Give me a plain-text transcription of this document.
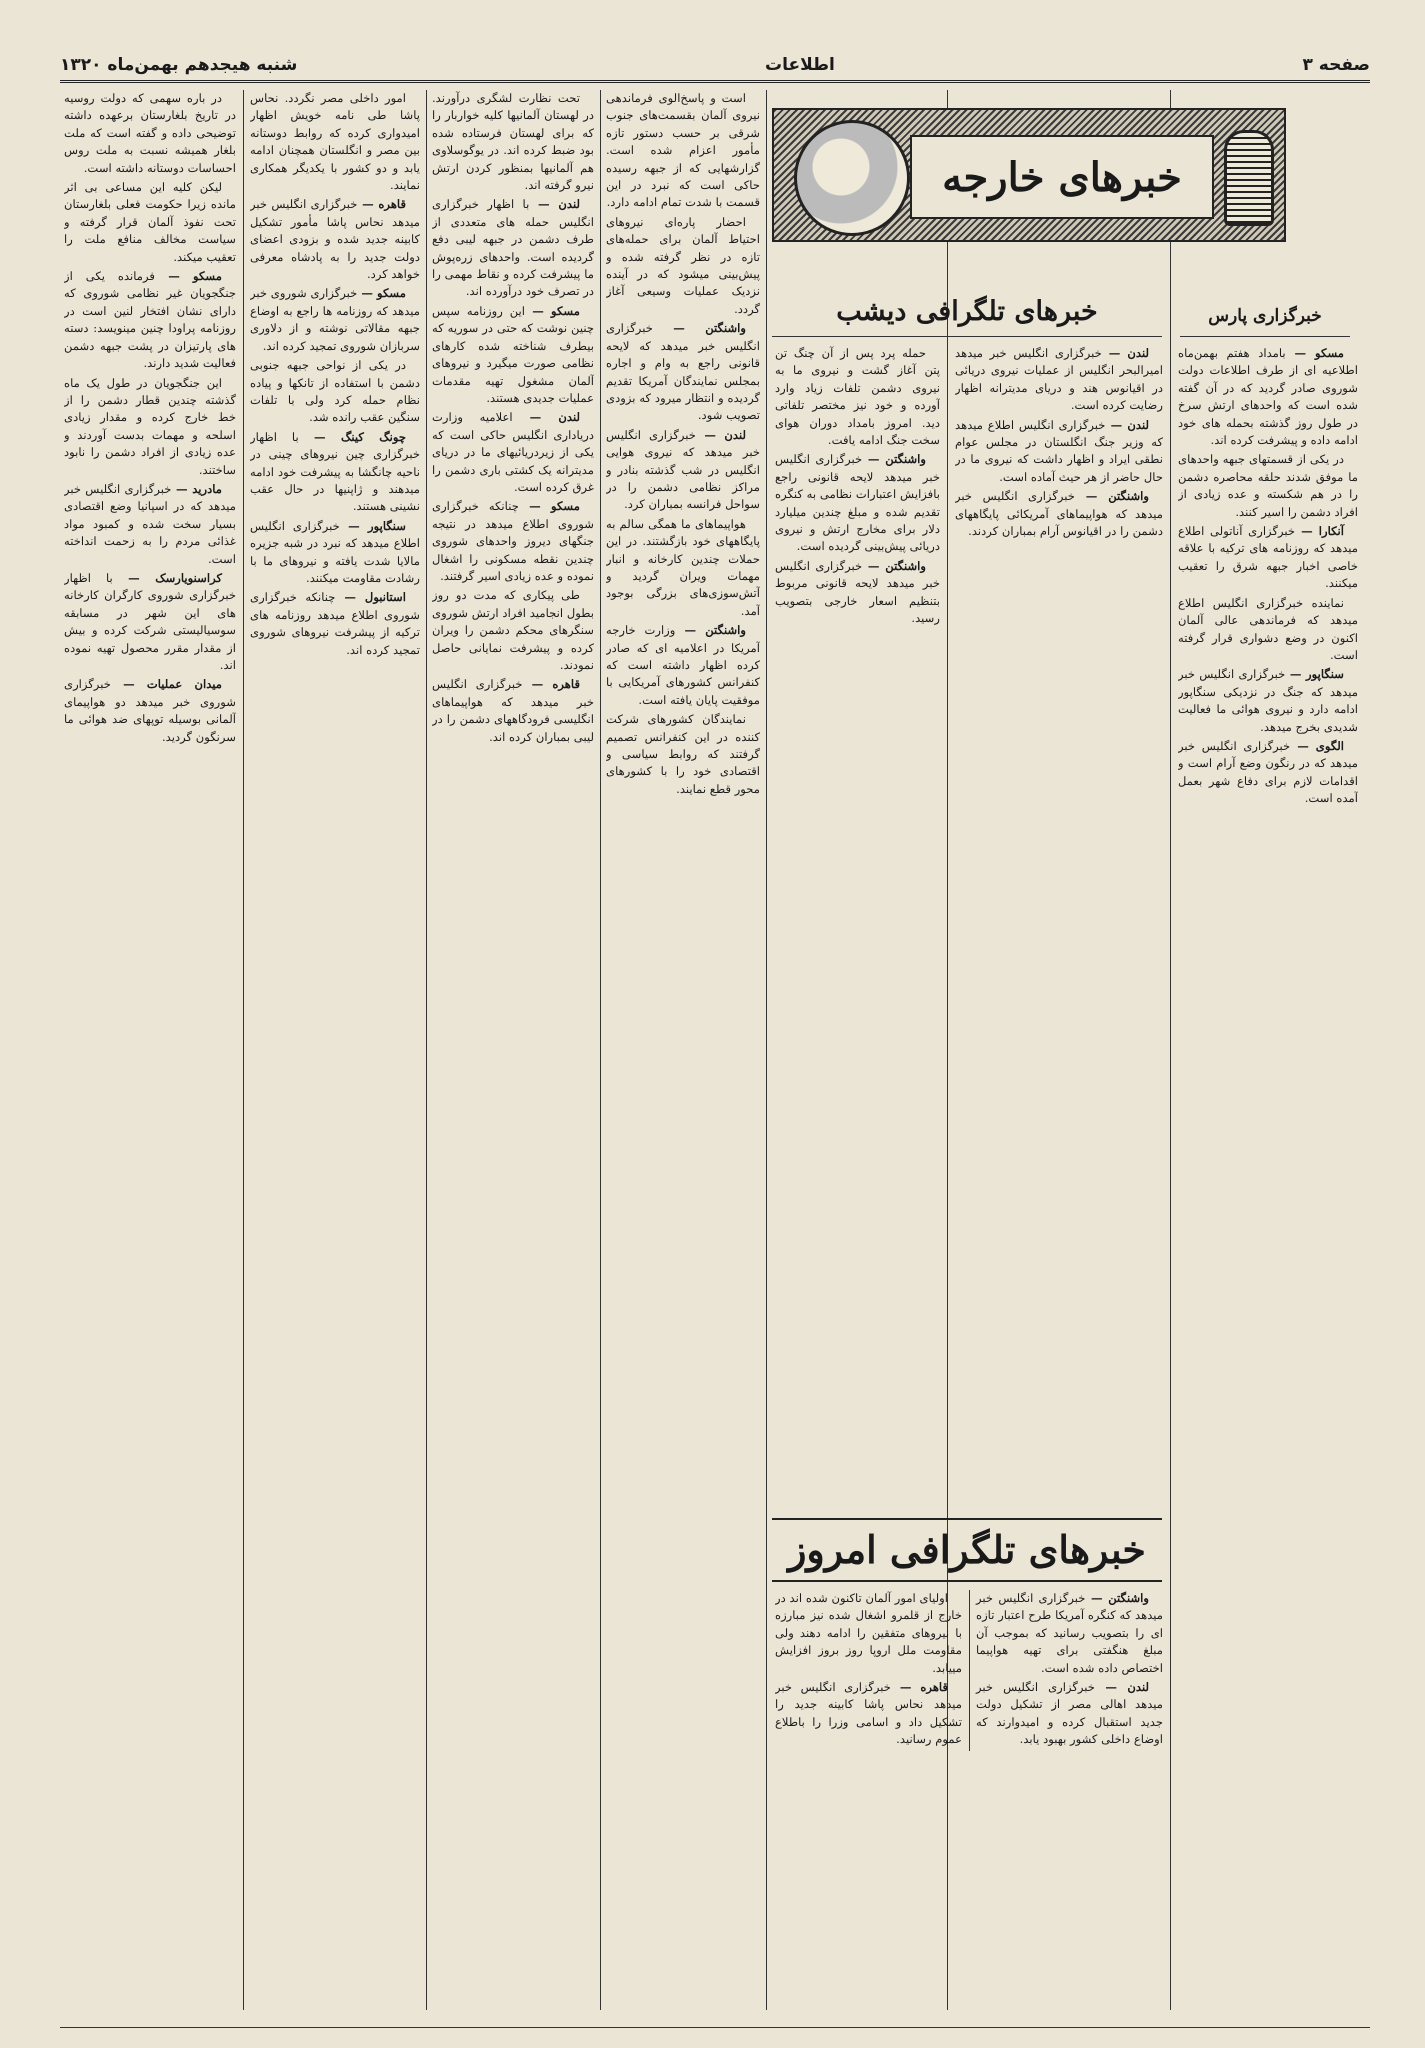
صفحه ۳
اطلاعات
شنبه هیجدهم بهمن‌ماه ۱۳۲۰
خبرهای خارجه
خبرهای تلگرافی دیشب	خبرگزاری پارس

در باره سهمی که دولت روسیه در تاریخ بلغارستان برعهده داشته توضیحی داده و گفته است که ملت بلغار همیشه نسبت به ملت روس احساسات دوستانه داشته است.

لیکن کلیه این مساعی بی اثر مانده زیرا حکومت فعلی بلغارستان تحت نفوذ آلمان قرار گرفته و سیاست مخالف منافع ملت را تعقیب میکند.

مسکو — فرمانده یکی از جنگجویان غیر نظامی شوروی که دارای نشان افتخار لنین است در روزنامه پراودا چنین مینویسد: دسته های پارتیزان در پشت جبهه دشمن فعالیت شدید دارند.

این جنگجویان در طول یک ماه گذشته چندین قطار دشمن را از خط خارج کرده و مقدار زیادی اسلحه و مهمات بدست آوردند و عده زیادی از افراد دشمن را نابود ساختند.

مادرید — خبرگزاری انگلیس خبر میدهد که در اسپانیا وضع اقتصادی بسیار سخت شده و کمبود مواد غذائی مردم را به زحمت انداخته است.

کراسنویارسک — با اظهار خبرگزاری شوروی کارگران کارخانه های این شهر در مسابقه سوسیالیستی شرکت کرده و بیش از مقدار مقرر محصول تهیه نموده اند.

میدان عملیات — خبرگزاری شوروی خبر میدهد دو هواپیمای آلمانی بوسیله توپهای ضد هوائی ما سرنگون گردید.

امور داخلی مصر نگردد. نحاس پاشا طی نامه خویش اظهار امیدواری کرده که روابط دوستانه بین مصر و انگلستان همچنان ادامه یابد و دو کشور با یکدیگر همکاری نمایند.

قاهره — خبرگزاری انگلیس خبر میدهد نحاس پاشا مأمور تشکیل کابینه جدید شده و بزودی اعضای دولت جدید را به پادشاه معرفی خواهد کرد.

مسکو — خبرگزاری شوروی خبر میدهد که روزنامه ها راجع به اوضاع جبهه مقالاتی نوشته و از دلاوری سربازان شوروی تمجید کرده اند.

در یکی از نواحی جبهه جنوبی دشمن با استفاده از تانکها و پیاده نظام حمله کرد ولی با تلفات سنگین عقب رانده شد.

چونگ کینگ — با اظهار خبرگزاری چین نیروهای چینی در ناحیه چانگشا به پیشرفت خود ادامه میدهند و ژاپنیها در حال عقب نشینی هستند.

سنگاپور — خبرگزاری انگلیس اطلاع میدهد که نبرد در شبه جزیره مالایا شدت یافته و نیروهای ما با رشادت مقاومت میکنند.

استانبول — چنانکه خبرگزاری شوروی اطلاع میدهد روزنامه های ترکیه از پیشرفت نیروهای شوروی تمجید کرده اند.

تحت نظارت لشگری درآورند. در لهستان آلمانیها کلیه خواربار را که برای لهستان فرستاده شده بود ضبط کرده اند. در یوگوسلاوی هم آلمانیها بمنظور کردن ارتش نیرو گرفته اند.

لندن — با اظهار خبرگزاری انگلیس حمله های متعددی از طرف دشمن در جبهه لیبی دفع گردیده است. واحدهای زره‌پوش ما پیشرفت کرده و نقاط مهمی را در تصرف خود درآورده اند.

مسکو — این روزنامه سپس چنین نوشت که حتی در سوریه که بیطرف شناخته شده کارهای نظامی صورت میگیرد و نیروهای آلمان مشغول تهیه مقدمات عملیات جدیدی هستند.

لندن — اعلامیه وزارت دریاداری انگلیس حاکی است که یکی از زیردریائیهای ما در دریای مدیترانه یک کشتی باری دشمن را غرق کرده است.

مسکو — چنانکه خبرگزاری شوروی اطلاع میدهد در نتیجه جنگهای دیروز واحدهای شوروی چندین نقطه مسکونی را اشغال نموده و عده زیادی اسیر گرفتند.

طی پیکاری که مدت دو روز بطول انجامید افراد ارتش شوروی سنگرهای محکم دشمن را ویران کرده و پیشرفت نمایانی حاصل نمودند.

قاهره — خبرگزاری انگلیس خبر میدهد که هواپیماهای انگلیسی فرودگاههای دشمن را در لیبی بمباران کرده اند.

است و پاسخ‌الوی فرماندهی نیروی آلمان بقسمت‌های جنوب شرقی بر حسب دستور تازه مأمور اعزام شده است. گزارشهایی که از جبهه رسیده حاکی است که نبرد در این قسمت با شدت تمام ادامه دارد.

احضار پاره‌ای نیروهای احتیاط آلمان برای حمله‌های تازه در نظر گرفته شده و پیش‌بینی میشود که در آینده نزدیک عملیات وسیعی آغاز گردد.

واشنگتن — خبرگزاری انگلیس خبر میدهد که لایحه قانونی راجع به وام و اجاره بمجلس نمایندگان آمریکا تقدیم گردیده و انتظار میرود که بزودی تصویب شود.

لندن — خبرگزاری انگلیس خبر میدهد که نیروی هوایی انگلیس در شب گذشته بنادر و مراکز نظامی دشمن را در سواحل فرانسه بمباران کرد.

هواپیماهای ما همگی سالم به پایگاههای خود بازگشتند. در این حملات چندین کارخانه و انبار مهمات ویران گردید و آتش‌سوزی‌های بزرگی بوجود آمد.

واشنگتن — وزارت خارجه آمریکا در اعلامیه ای که صادر کرده اظهار داشته است که کنفرانس کشورهای آمریکایی با موفقیت پایان یافته است.

نمایندگان کشورهای شرکت کننده در این کنفرانس تصمیم گرفتند که روابط سیاسی و اقتصادی خود را با کشورهای محور قطع نمایند.

حمله پرد پس از آن چنگ تن پتن آغاز گشت و نیروی ما به نیروی دشمن تلفات زیاد وارد آورده و خود نیز مختصر تلفاتی دید. امروز بامداد دوران هوای سخت جنگ ادامه یافت.

واشنگتن — خبرگزاری انگلیس خبر میدهد لایحه قانونی راجع بافزایش اعتبارات نظامی به کنگره تقدیم شده و مبلغ چندین میلیارد دلار برای مخارج ارتش و نیروی دریائی پیش‌بینی گردیده است.

واشنگتن — خبرگزاری انگلیس خبر میدهد لایحه قانونی مربوط بتنظیم اسعار خارجی بتصویب رسید.

لندن — خبرگزاری انگلیس خبر میدهد امیرالبحر انگلیس از عملیات نیروی دریائی در اقیانوس هند و دریای مدیترانه اظهار رضایت کرده است.

لندن — خبرگزاری انگلیس اطلاع میدهد که وزیر جنگ انگلستان در مجلس عوام نطقی ایراد و اظهار داشت که نیروی ما در حال حاضر از هر حیث آماده است.

واشنگتن — خبرگزاری انگلیس خبر میدهد که هواپیماهای آمریکائی پایگاههای دشمن را در اقیانوس آرام بمباران کردند.

مسکو — بامداد هفتم بهمن‌ماه اطلاعیه ای از طرف اطلاعات دولت شوروی صادر گردید که در آن گفته شده است که واحدهای ارتش سرخ در طول روز گذشته بحمله های خود ادامه داده و پیشرفت کرده اند.

در یکی از قسمتهای جبهه واحدهای ما موفق شدند حلقه محاصره دشمن را در هم شکسته و عده زیادی از افراد دشمن را اسیر کنند.

آنکارا — خبرگزاری آناتولی اطلاع میدهد که روزنامه های ترکیه با علاقه خاصی اخبار جبهه شرق را تعقیب میکنند.

نماینده خبرگزاری انگلیس اطلاع میدهد که فرماندهی عالی آلمان اکنون در وضع دشواری قرار گرفته است.

سنگاپور — خبرگزاری انگلیس خبر میدهد که جنگ در نزدیکی سنگاپور ادامه دارد و نیروی هوائی ما فعالیت شدیدی بخرج میدهد.

الگوی — خبرگزاری انگلیس خبر میدهد که در رنگون وضع آرام است و اقدامات لازم برای دفاع شهر بعمل آمده است.

خبرهای تلگرافی امروز

واشنگتن — خبرگزاری انگلیس خبر میدهد که کنگره آمریکا طرح اعتبار تازه ای را بتصویب رسانید که بموجب آن مبلغ هنگفتی برای تهیه هواپیما اختصاص داده شده است.

لندن — خبرگزاری انگلیس خبر میدهد اهالی مصر از تشکیل دولت جدید استقبال کرده و امیدوارند که اوضاع داخلی کشور بهبود یابد.

اولیای امور آلمان تاکنون شده اند در خارج از قلمرو اشغال شده نیز مبارزه با نیروهای متفقین را ادامه دهند ولی مقاومت ملل اروپا روز بروز افزایش مییابد.

قاهره — خبرگزاری انگلیس خبر میدهد نحاس پاشا کابینه جدید را تشکیل داد و اسامی وزرا را باطلاع عموم رسانید.
